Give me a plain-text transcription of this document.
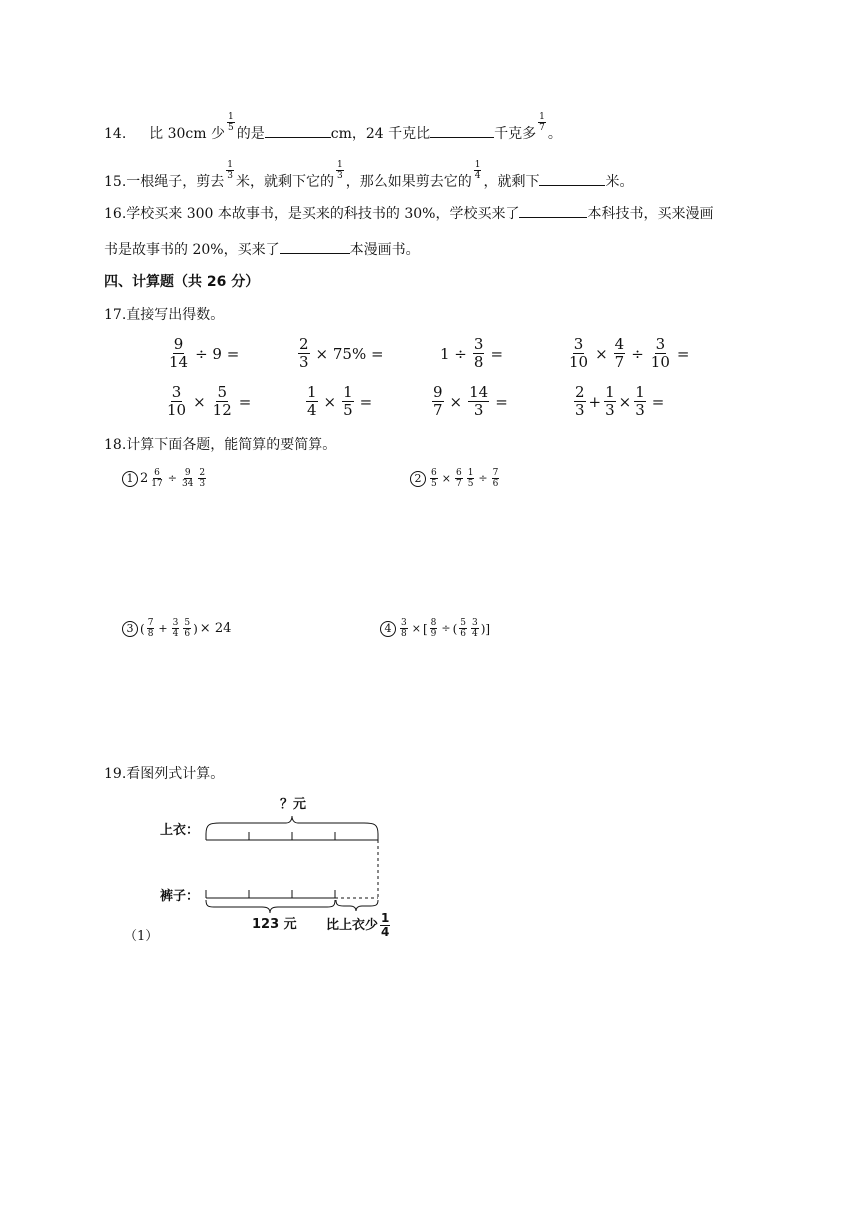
14. 比 30cm 少
$\frac{1}{5}$
的是	cm，24 千克比	千克多
$\frac{1}{7}$
。
15.一根绳子，剪去
$\frac{1}{3}$
米，就剩下它的
$\frac{1}{3}$
，那么如果剪去它的
$\frac{1}{4}$
，就剩下	米。
16.学校买来 300 本故事书，是买来的科技书的 30%，学校买来了	本科技书，买来漫画
书是故事书的 20%，买来了	本漫画书。
四、计算题（共 26 分）
17.直接写出得数。
$\frac{9}{14} \div 9$ =	$\frac{2}{3} \times 75\%$ =	$1 \div \frac{3}{8}$ =	$\frac{3}{10} \times \frac{4}{7} \div \frac{3}{10}$ =
$\frac{3}{10} \times \frac{5}{12}$ =	$\frac{1}{4} \times \frac{1}{5}$ =	$\frac{9}{7} \times \frac{14}{3}$ =	$\frac{2}{3} + \frac{1}{3} \times \frac{1}{3}$ =
18.计算下面各题，能简算的要简算。
1 $2 \frac{6}{17} \div \frac{9}{34} \frac{2}{3}$	$2 \frac{6}{5} \times \frac{6}{7} \frac{1}{5} \div \frac{7}{6}$
3 ( $\frac{7}{8} + \frac{3}{4} \frac{5}{6}$ ) × 24	$4 \frac{3}{8}$ × [ $\frac{8}{9}$ ÷ ( $\frac{5}{6} \frac{3}{4}$ )]
19.看图列式计算。
？元
上衣：
裤子：
123 元 比上衣少 $\frac{1}{4}$
（1）
